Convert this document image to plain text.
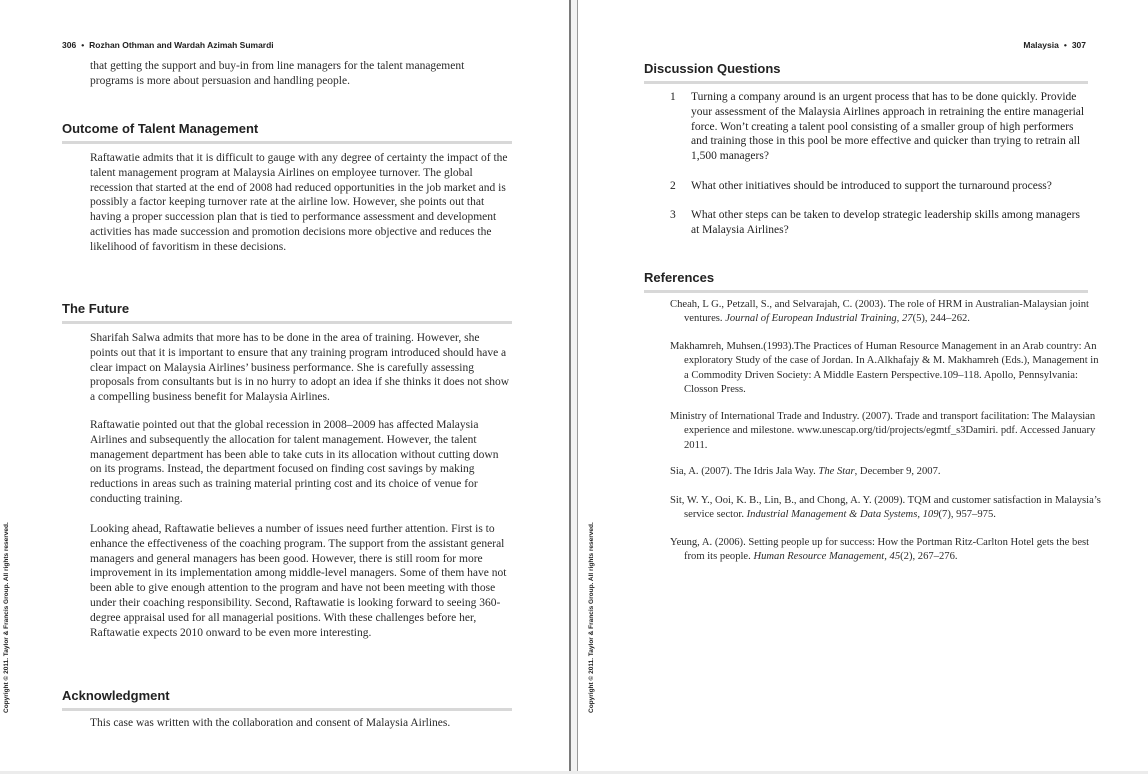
306 • Rozhan Othman and Wardah Azimah Sumardi

that getting the support and buy-in from line managers for the talent management programs is more about persuasion and handling people.

Outcome of Talent Management

Raftawatie admits that it is difficult to gauge with any degree of certainty the impact of the talent management program at Malaysia Airlines on employee turnover. The global recession that started at the end of 2008 had reduced opportunities in the job market and is possibly a factor keeping turnover rate at the airline low. However, she points out that having a proper succession plan that is tied to performance assessment and development activities has made succession and promotion decisions more objective and reduces the likelihood of favoritism in these decisions.

The Future

Sharifah Salwa admits that more has to be done in the area of training. However, she points out that it is important to ensure that any training program introduced should have a clear impact on Malaysia Airlines’ business performance. She is carefully assessing proposals from consultants but is in no hurry to adopt an idea if she thinks it does not show a compelling business benefit for Malaysia Airlines.

Raftawatie pointed out that the global recession in 2008–2009 has affected Malaysia Airlines and subsequently the allocation for talent management. However, the talent management department has been able to take cuts in its allocation without cutting down on its programs. Instead, the department focused on finding cost savings by making reductions in areas such as training material printing cost and its choice of venue for conducting training.

Looking ahead, Raftawatie believes a number of issues need further attention. First is to enhance the effectiveness of the coaching program. The support from the assistant general managers and general managers has been good. However, there is still room for more improvement in its implementation among middle-level managers. Some of them have not been able to give enough attention to the program and have not been meeting with those under their coaching responsibility. Second, Raftawatie is looking forward to seeing 360-degree appraisal used for all managerial positions. With these challenges before her, Raftawatie expects 2010 onward to be even more interesting.

Acknowledgment

This case was written with the collaboration and consent of Malaysia Airlines.

Copyright © 2011. Taylor & Francis Group. All rights reserved.	Copyright © 2011. Taylor & Francis Group. All rights reserved.
Malaysia • 307
Discussion Questions
1	Turning a company around is an urgent process that has to be done quickly. Provide your assessment of the Malaysia Airlines approach in retraining the entire managerial force. Won’t creating a talent pool consisting of a smaller group of high performers and training those in this pool be more effective and quicker than trying to retrain all 1,500 managers?
2	What other initiatives should be introduced to support the turnaround process?
3	What other steps can be taken to develop strategic leadership skills among managers at Malaysia Airlines?
References

Cheah, L G., Petzall, S., and Selvarajah, C. (2003). The role of HRM in Australian-Malaysian joint ventures. Journal of European Industrial Training, 27(5), 244–262.

Makhamreh, Muhsen.(1993).The Practices of Human Resource Management in an Arab country: An exploratory Study of the case of Jordan. In A.Alkhafajy & M. Makhamreh (Eds.), Management in a Commodity Driven Society: A Middle Eastern Perspective.109–118. Apollo, Pennsylvania: Closson Press.

Ministry of International Trade and Industry. (2007). Trade and transport facilitation: The Malaysian experience and milestone. www.unescap.org/tid/projects/egmtf_s3Damiri. pdf. Accessed January 2011.

Sia, A. (2007). The Idris Jala Way. The Star, December 9, 2007.

Sit, W. Y., Ooi, K. B., Lin, B., and Chong, A. Y. (2009). TQM and customer satisfaction in Malaysia’s service sector. Industrial Management & Data Systems, 109(7), 957–975.

Yeung, A. (2006). Setting people up for success: How the Portman Ritz-Carlton Hotel gets the best from its people. Human Resource Management, 45(2), 267–276.
